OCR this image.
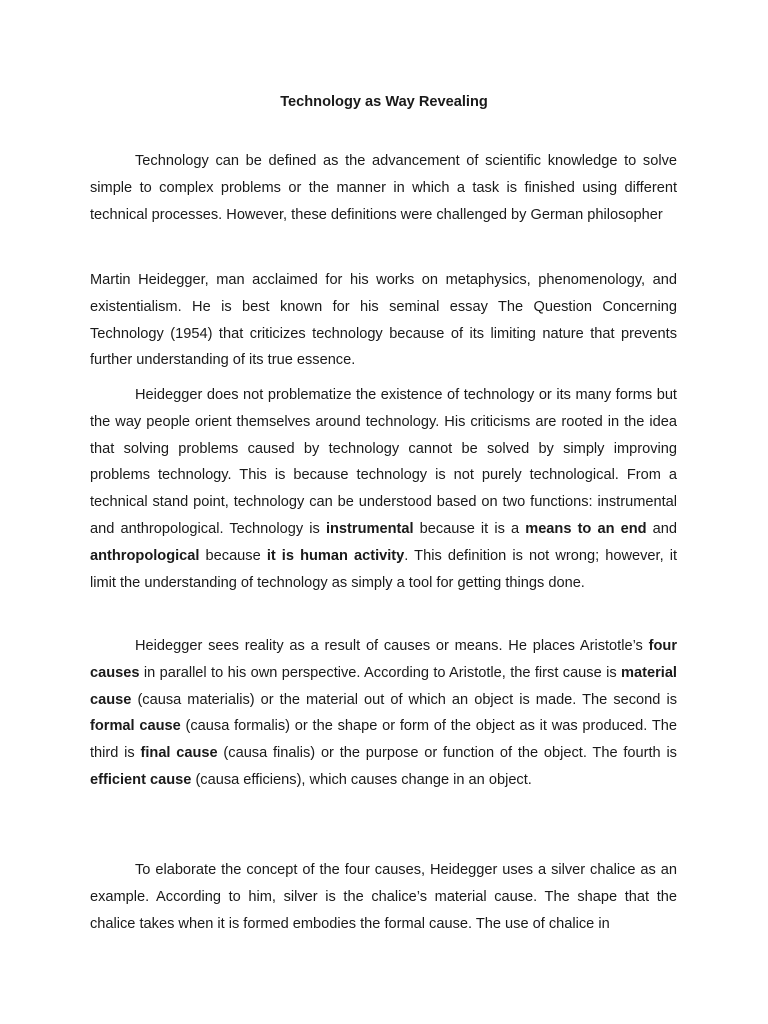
Technology as Way Revealing

Technology can be defined as the advancement of scientific knowledge to solve simple to complex problems or the manner in which a task is finished using different technical processes. However, these definitions were challenged by German philosopher

Martin Heidegger, man acclaimed for his works on metaphysics, phenomenology, and existentialism. He is best known for his seminal essay The Question Concerning Technology (1954) that criticizes technology because of its limiting nature that prevents further understanding of its true essence.

Heidegger does not problematize the existence of technology or its many forms but the way people orient themselves around technology. His criticisms are rooted in the idea that solving problems caused by technology cannot be solved by simply improving problems technology. This is because technology is not purely technological. From a technical stand point, technology can be understood based on two functions: instrumental and anthropological. Technology is instrumental because it is a means to an end and anthropological because it is human activity. This definition is not wrong; however, it limit the understanding of technology as simply a tool for getting things done.

Heidegger sees reality as a result of causes or means. He places Aristotle’s four causes in parallel to his own perspective. According to Aristotle, the first cause is material cause (causa materialis) or the material out of which an object is made. The second is formal cause (causa formalis) or the shape or form of the object as it was produced. The third is final cause (causa finalis) or the purpose or function of the object. The fourth is efficient cause (causa efficiens), which causes change in an object.

To elaborate the concept of the four causes, Heidegger uses a silver chalice as an example. According to him, silver is the chalice’s material cause. The shape that the chalice takes when it is formed embodies the formal cause. The use of chalice in
